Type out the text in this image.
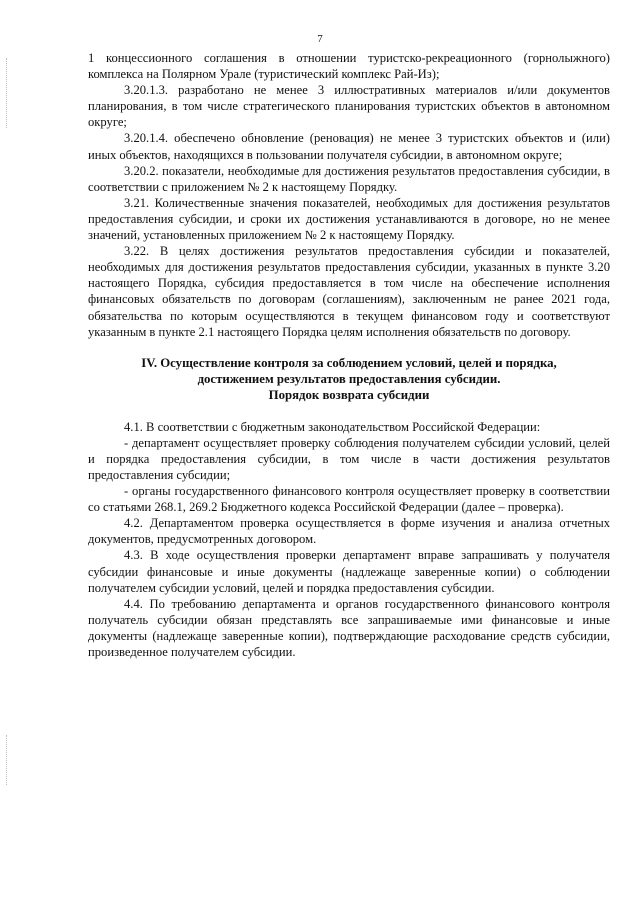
7

1 концессионного соглашения в отношении туристско-рекреационного (горнолыжного) комплекса на Полярном Урале (туристический комплекс Рай-Из);

3.20.1.3. разработано не менее 3 иллюстративных материалов и/или документов планирования, в том числе стратегического планирования туристских объектов в автономном округе;

3.20.1.4. обеспечено обновление (реновация) не менее 3 туристских объектов и (или) иных объектов, находящихся в пользовании получателя субсидии, в автономном округе;

3.20.2. показатели, необходимые для достижения результатов предоставления субсидии, в соответствии с приложением № 2 к настоящему Порядку.

3.21. Количественные значения показателей, необходимых для достижения результатов предоставления субсидии, и сроки их достижения устанавливаются в договоре, но не менее значений, установленных приложением № 2 к настоящему Порядку.

3.22. В целях достижения результатов предоставления субсидии и показателей, необходимых для достижения результатов предоставления субсидии, указанных в пункте 3.20 настоящего Порядка, субсидия предоставляется в том числе на обеспечение исполнения финансовых обязательств по договорам (соглашениям), заключенным не ранее 2021 года, обязательства по которым осуществляются в текущем финансовом году и соответствуют указанным в пункте 2.1 настоящего Порядка целям исполнения обязательств по договору.

IV. Осуществление контроля за соблюдением условий, целей и порядка,
достижением результатов предоставления субсидии.
Порядок возврата субсидии

4.1. В соответствии с бюджетным законодательством Российской Федерации:

- департамент осуществляет проверку соблюдения получателем субсидии условий, целей и порядка предоставления субсидии, в том числе в части достижения результатов предоставления субсидии;

- органы государственного финансового контроля осуществляет проверку в соответствии со статьями 268.1, 269.2 Бюджетного кодекса Российской Федерации (далее – проверка).

4.2. Департаментом проверка осуществляется в форме изучения и анализа отчетных документов, предусмотренных договором.

4.3. В ходе осуществления проверки департамент вправе запрашивать у получателя субсидии финансовые и иные документы (надлежаще заверенные копии) о соблюдении получателем субсидии условий, целей и порядка предоставления субсидии.

4.4. По требованию департамента и органов государственного финансового контроля получатель субсидии обязан представлять все запрашиваемые ими финансовые и иные документы (надлежаще заверенные копии), подтверждающие расходование средств субсидии, произведенное получателем субсидии.
